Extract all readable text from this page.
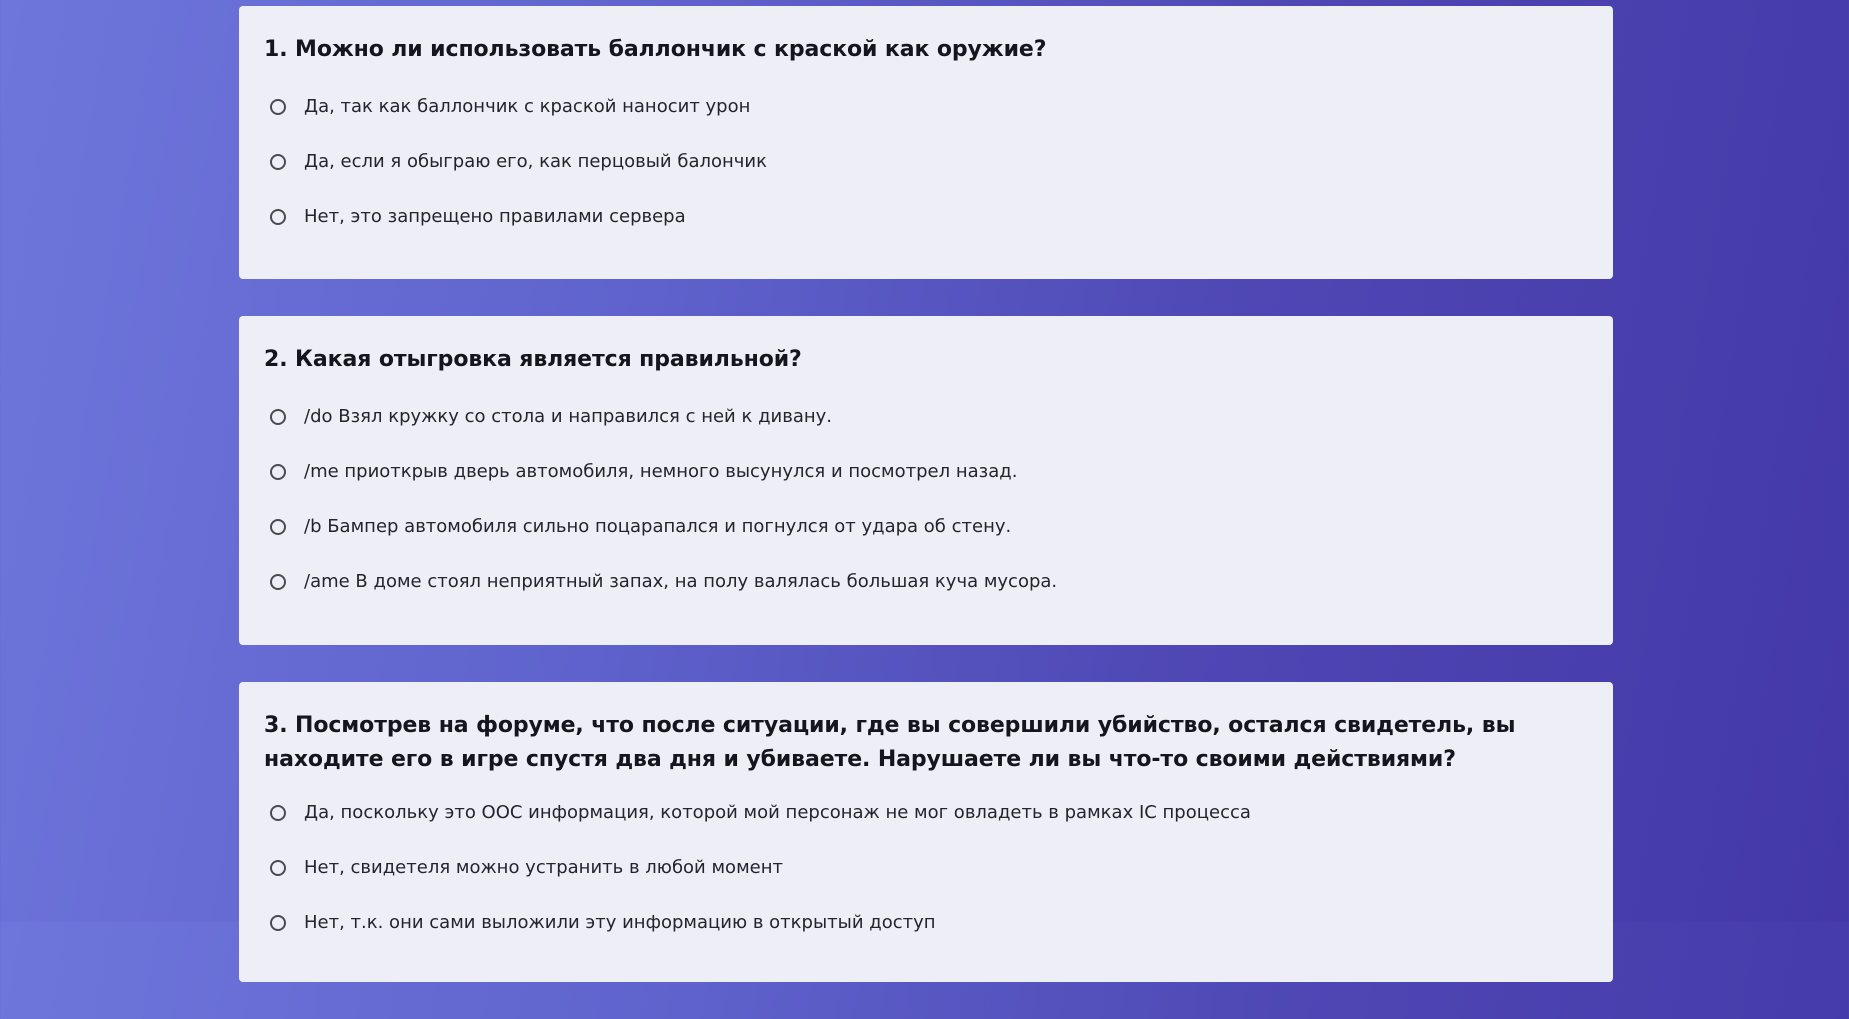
1. Можно ли использовать баллончик с краской как оружие?
Да, так как баллончик с краской наносит урон
Да, если я обыграю его, как перцовый балончик
Нет, это запрещено правилами сервера
2. Какая отыгровка является правильной?
/do Взял кружку со стола и направился с ней к дивану.
/me приоткрыв дверь автомобиля, немного высунулся и посмотрел назад.
/b Бампер автомобиля сильно поцарапался и погнулся от удара об стену.
/ame В доме стоял неприятный запах, на полу валялась большая куча мусора.
3. Посмотрев на форуме, что после ситуации, где вы совершили убийство, остался свидетель, вы находите его в игре спустя два дня и убиваете. Нарушаете ли вы что-то своими действиями?
Да, поскольку это OOC информация, которой мой персонаж не мог овладеть в рамках IC процесса
Нет, свидетеля можно устранить в любой момент
Нет, т.к. они сами выложили эту информацию в открытый доступ
